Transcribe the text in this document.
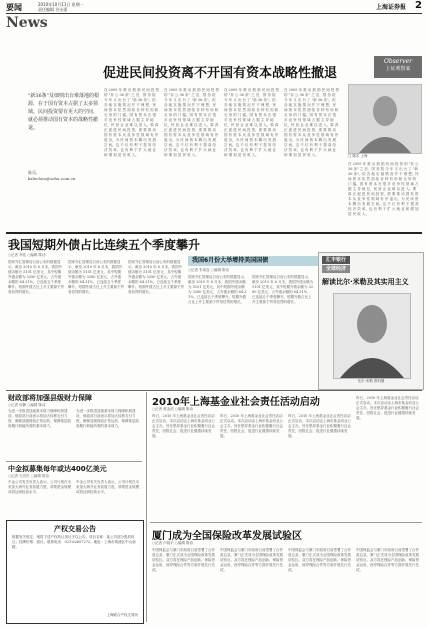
要闻	2010年10月11日 星期一
责任编辑 谷永强	上海证券报 2
News
促进民间投资离不开国有资本战略性撤退
Observer
上证观察家
"新36条"及细则出台难落地的根源，在于国有资本占据了太多领域。民间投资要有更大的空间，就必须推动国有资本的战略性撤退。
陈乐，
kzlechen@sohu.com.cn
在 2005 年 推 出 鼓 励 民 间 投 资 的 "非 公 36 条" 之 后，国 务 院 今 年 又 出 台 了 "新 36 条"。但 各 地 实 施 情 况 并 不 理 想，民 间 资 本 依 然 面 临 各 种 有 形 和 无 形 的 门 槛。国 有 资 本 在 很 多 竞 争 性 领 域 占 据 主 导 地 位，民 营 企 业 难 以 进 入。要 真 正 促 进 民 间 投 资，需 要 推 动 国 有 资 本 从 竞 争 性 领 域 有 序 退 出，为 民 间 资 本 腾 出 发 展 空 间。这 不 仅 有 利 于 提 高 经 济 效 率，也 有 利 于 扩 大 就 业 和 增 加 居 民 收 入。
在 2005 年 推 出 鼓 励 民 间 投 资 的 "非 公 36 条" 之 后，国 务 院 今 年 又 出 台 了 "新 36 条"。但 各 地 实 施 情 况 并 不 理 想，民 间 资 本 依 然 面 临 各 种 有 形 和 无 形 的 门 槛。国 有 资 本 在 很 多 竞 争 性 领 域 占 据 主 导 地 位，民 营 企 业 难 以 进 入。要 真 正 促 进 民 间 投 资，需 要 推 动 国 有 资 本 从 竞 争 性 领 域 有 序 退 出，为 民 间 资 本 腾 出 发 展 空 间。这 不 仅 有 利 于 提 高 经 济 效 率，也 有 利 于 扩 大 就 业 和 增 加 居 民 收 入。
在 2005 年 推 出 鼓 励 民 间 投 资 的 "非 公 36 条" 之 后，国 务 院 今 年 又 出 台 了 "新 36 条"。但 各 地 实 施 情 况 并 不 理 想，民 间 资 本 依 然 面 临 各 种 有 形 和 无 形 的 门 槛。国 有 资 本 在 很 多 竞 争 性 领 域 占 据 主 导 地 位，民 营 企 业 难 以 进 入。要 真 正 促 进 民 间 投 资，需 要 推 动 国 有 资 本 从 竞 争 性 领 域 有 序 退 出，为 民 间 资 本 腾 出 发 展 空 间。这 不 仅 有 利 于 提 高 经 济 效 率，也 有 利 于 扩 大 就 业 和 增 加 居 民 收 入。
在 2005 年 推 出 鼓 励 民 间 投 资 的 "非 公 36 条" 之 后，国 务 院 今 年 又 出 台 了 "新 36 条"。但 各 地 实 施 情 况 并 不 理 想，民 间 资 本 依 然 面 临 各 种 有 形 和 无 形 的 门 槛。国 有 资 本 在 很 多 竞 争 性 领 域 占 据 主 导 地 位，民 营 企 业 难 以 进 入。要 真 正 促 进 民 间 投 资，需 要 推 动 国 有 资 本 从 竞 争 性 领 域 有 序 退 出，为 民 间 资 本 腾 出 发 展 空 间。这 不 仅 有 利 于 提 高 经 济 效 率，也 有 利 于 扩 大 就 业 和 增 加 居 民 收 入。	□ 陈乐 上海
在 2005 年 推 出 鼓 励 民 间 投 资 的 "非 公 36 条" 之 后，国 务 院 今 年 又 出 台 了 "新 36 条"。但 各 地 实 施 情 况 并 不 理 想，民 间 资 本 依 然 面 临 各 种 有 形 和 无 形 的 门 槛。国 有 资 本 在 很 多 竞 争 性 领 域 占 据 主 导 地 位，民 营 企 业 难 以 进 入。要 真 正 促 进 民 间 投 资，需 要 推 动 国 有 资 本 从 竞 争 性 领 域 有 序 退 出，为 民 间 资 本 腾 出 发 展 空 间。这 不 仅 有 利 于 提 高 经 济 效 率，也 有 利 于 扩 大 就 业 和 增 加 居 民 收 入。
我国短期外债占比连续五个季度攀升
○记者 李佳 ○编辑 陈诗
国家外汇管理局日前公布的数据显示，截至 2010 年 6 月末，我国外债余额为 5101 亿美元，其中短期外债余额为 3280 亿美元，占外债余额的 64.31%，已连续五个季度攀升。短期外债占比上升主要源于贸易信贷的增长。
国家外汇管理局日前公布的数据显示，截至 2010 年 6 月末，我国外债余额为 5101 亿美元，其中短期外债余额为 3280 亿美元，占外债余额的 64.31%，已连续五个季度攀升。短期外债占比上升主要源于贸易信贷的增长。
国家外汇管理局日前公布的数据显示，截至 2010 年 6 月末，我国外债余额为 5101 亿美元，其中短期外债余额为 3280 亿美元，占外债余额的 64.31%，已连续五个季度攀升。短期外债占比上升主要源于贸易信贷的增长。
我国6月份大举增持美国国债
○记者 朱周良 ○编辑 陈诗
国家外汇管理局日前公布的数据显示，截至 2010 年 6 月末，我国外债余额为 5101 亿美元，其中短期外债余额为 3280 亿美元，占外债余额的 64.31%，已连续五个季度攀升。短期外债占比上升主要源于贸易信贷的增长。
国家外汇管理局日前公布的数据显示，截至 2010 年 6 月末，我国外债余额为 5101 亿美元，其中短期外债余额为 3280 亿美元，占外债余额的 64.31%，已连续五个季度攀升。短期外债占比上升主要源于贸易信贷的增长。
汇丰银行
全球经济
解读比尔·米勒及其实用主义
比尔·米勒 资料图
财政部将加强县级财力保障
○记者 何静 ○编辑 陈诗
为进一步推进县级基本财力保障机制建设，财政部日前表示将加大转移支付力度，确保县级财政正常运转，保障基层政府履行职能所需的基本财力。
为进一步推进县级基本财力保障机制建设，财政部日前表示将加大转移支付力度，确保县级财政正常运转，保障基层政府履行职能所需的基本财力。
中金拟募集每年或达400亿美元
○记者 石贝贝 ○编辑 陈诗
中金公司有关负责人表示，公司计划在未来加大海外业务拓展力度，募集资金规模或将达到较高水平。
中金公司有关负责人表示，公司计划在未来加大海外业务拓展力度，募集资金规模或将达到较高水平。
产权交易公告
根据有关规定，现将下述产权转让项目予以公告。项目名称：某公司部分股权转让；挂牌价格：面议；联系电话：021-62657272；地址：上海市黄浦区中山南路。
上海联合产权交易所
2010年上海基金业社会责任活动启动
○记者 黄金滔 ○编辑 陈诗
昨日，2010 年上海基金业社会责任活动正式启动。本次活动由上海市基金同业公会主办，旨在倡导基金行业积极履行社会责任，回报社会，促进行业健康持续发展。
昨日，2010 年上海基金业社会责任活动正式启动。本次活动由上海市基金同业公会主办，旨在倡导基金行业积极履行社会责任，回报社会，促进行业健康持续发展。
昨日，2010 年上海基金业社会责任活动正式启动。本次活动由上海市基金同业公会主办，旨在倡导基金行业积极履行社会责任，回报社会，促进行业健康持续发展。
昨日，2010 年上海基金业社会责任活动正式启动。本次活动由上海市基金同业公会主办，旨在倡导基金行业积极履行社会责任，回报社会，促进行业健康持续发展。
厦门成为全国保险改革发展试验区
○记者 卢晓平 ○编辑 陈诗
中国保监会与厦门市政府日前签署了合作备忘录，厦门正式成为全国保险改革发展试验区。双方将在保险产品创新、保险资金运用、两岸保险合作等方面开展先行先试。
中国保监会与厦门市政府日前签署了合作备忘录，厦门正式成为全国保险改革发展试验区。双方将在保险产品创新、保险资金运用、两岸保险合作等方面开展先行先试。
中国保监会与厦门市政府日前签署了合作备忘录，厦门正式成为全国保险改革发展试验区。双方将在保险产品创新、保险资金运用、两岸保险合作等方面开展先行先试。
中国保监会与厦门市政府日前签署了合作备忘录，厦门正式成为全国保险改革发展试验区。双方将在保险产品创新、保险资金运用、两岸保险合作等方面开展先行先试。
